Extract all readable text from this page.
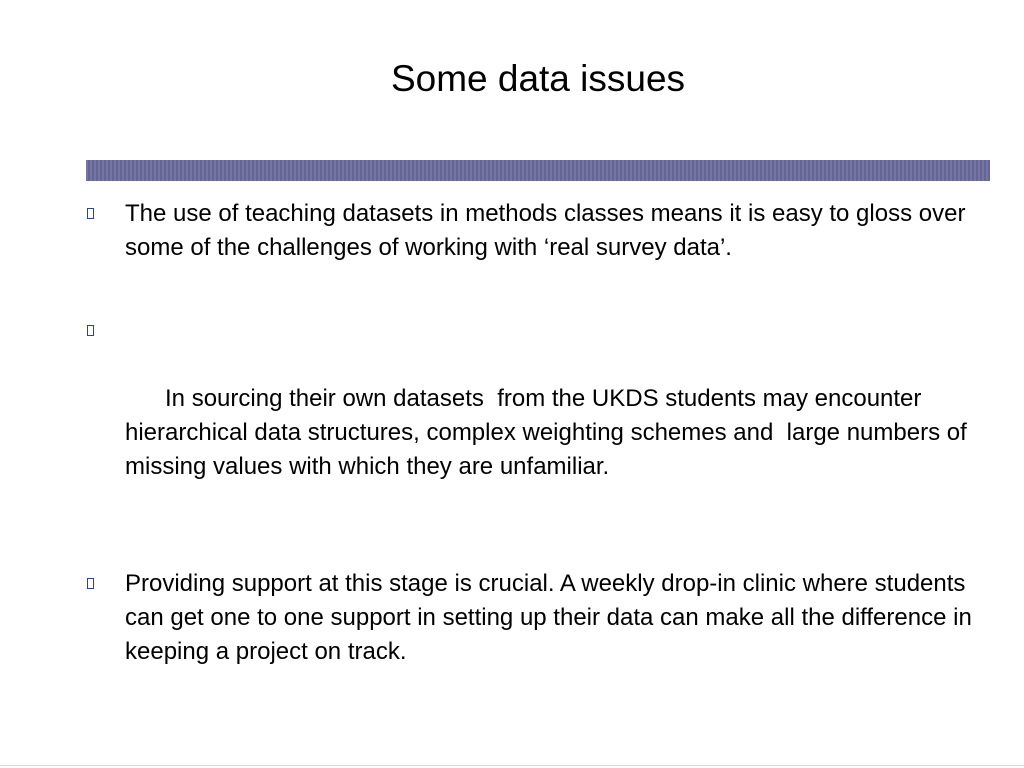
Some data issues
The use of teaching datasets in methods classes means it is easy to gloss over some of the challenges of working with ‘real survey data’.

In sourcing their own datasets  from the UKDS students may encounter hierarchical data structures, complex weighting schemes and  large numbers of missing values with which they are unfamiliar.

Providing support at this stage is crucial. A weekly drop-in clinic where students can get one to one support in setting up their data can make all the difference in keeping a project on track.
